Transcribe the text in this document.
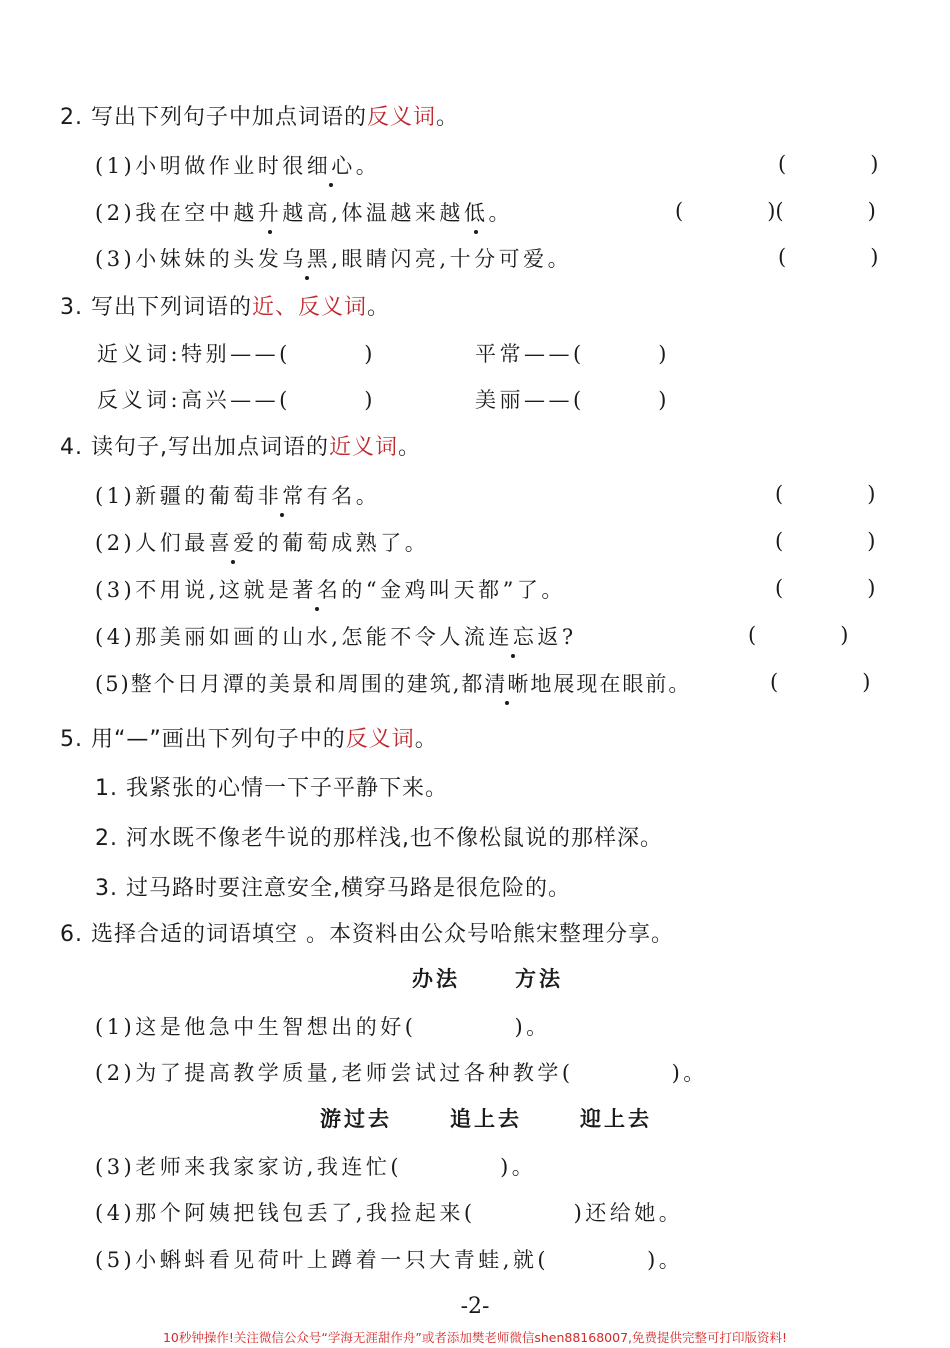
2. 写出下列句子中加点词语的反义词。
(1)小明做作业时很细心。	(　　　　)
(2)我在空中越升越高,体温越来越低。	(　　　　)(　　　　)
(3)小妹妹的头发乌黑,眼睛闪亮,十分可爱。	(　　　　)
3. 写出下列词语的近、反义词。
近义词:特别——(　　　)	平常——(　　　)
反义词:高兴——(　　　)	美丽——(　　　)
4. 读句子,写出加点词语的近义词。
(1)新疆的葡萄非常有名。	(　　　　)
(2)人们最喜爱的葡萄成熟了。	(　　　　)
(3)不用说,这就是著名的“金鸡叫天都”了。	(　　　　)
(4)那美丽如画的山水,怎能不令人流连忘返?	(　　　　)
(5)整个日月潭的美景和周围的建筑,都清晰地展现在眼前。	(　　　　)
5. 用“—”画出下列句子中的反义词。
1. 我紧张的心情一下子平静下来。
2. 河水既不像老牛说的那样浅,也不像松鼠说的那样深。
3. 过马路时要注意安全,横穿马路是很危险的。
6. 选择合适的词语填空 。本资料由公众号哈熊宋整理分享。
办法	方法
(1)这是他急中生智想出的好(　　　　)。
(2)为了提高教学质量,老师尝试过各种教学(　　　　)。
游过去	追上去	迎上去
(3)老师来我家家访,我连忙(　　　　)。
(4)那个阿姨把钱包丢了,我捡起来(　　　　)还给她。
(5)小蝌蚪看见荷叶上蹲着一只大青蛙,就(　　　　)。
-2-
10秒钟操作!关注微信公众号“学海无涯甜作舟”或者添加樊老师微信shen88168007,免费提供完整可打印版资料!
